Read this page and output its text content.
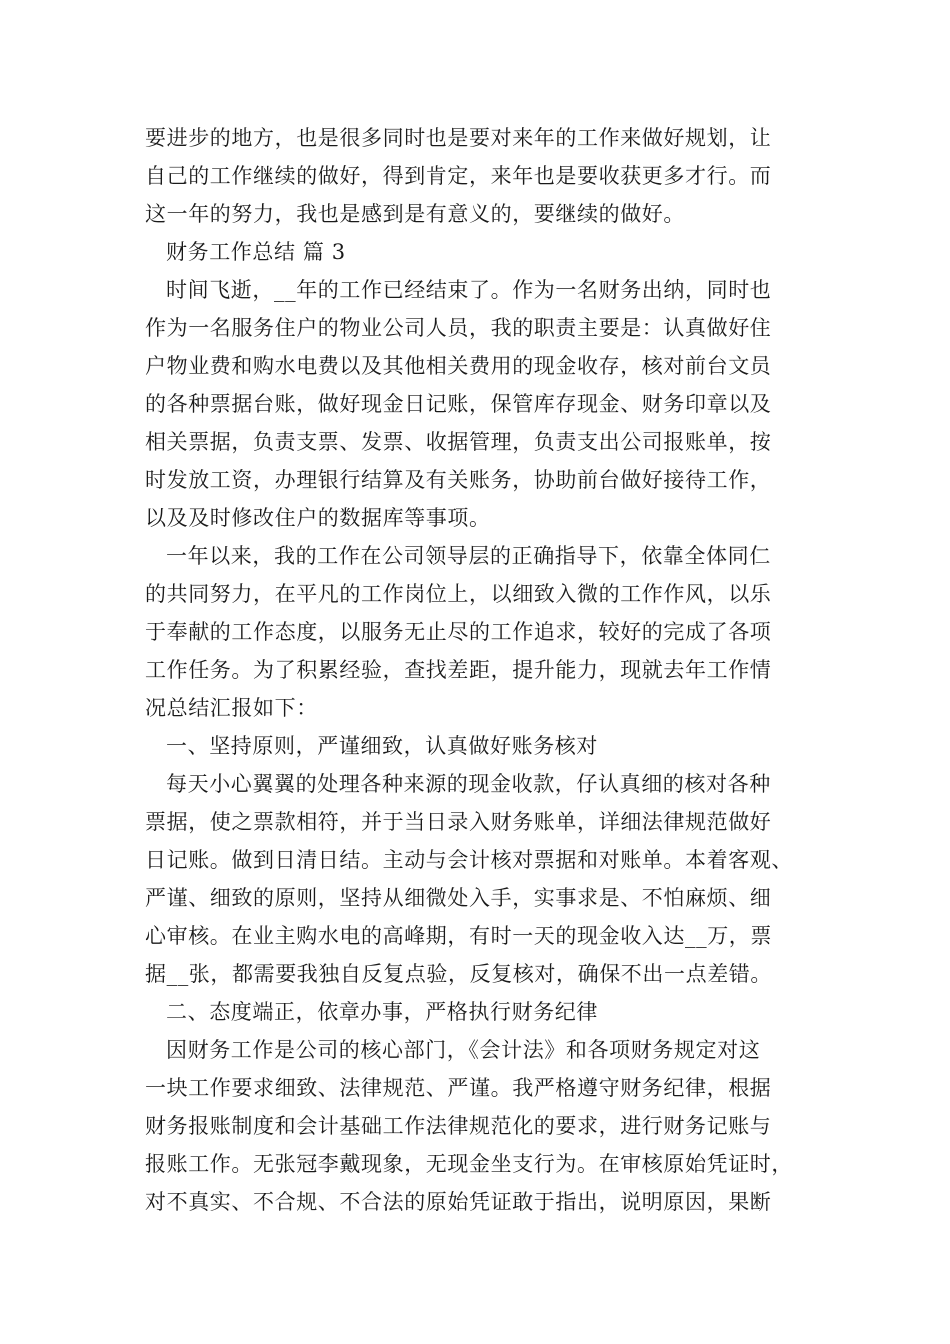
要进步的地方，也是很多同时也是要对来年的工作来做好规划，让
自己的工作继续的做好，得到肯定，来年也是要收获更多才行。而
这一年的努力，我也是感到是有意义的，要继续的做好。
财务工作总结 篇 3
时间飞逝，__年的工作已经结束了。作为一名财务出纳，同时也
作为一名服务住户的物业公司人员，我的职责主要是：认真做好住
户物业费和购水电费以及其他相关费用的现金收存，核对前台文员
的各种票据台账，做好现金日记账，保管库存现金、财务印章以及
相关票据，负责支票、发票、收据管理，负责支出公司报账单，按
时发放工资，办理银行结算及有关账务，协助前台做好接待工作，
以及及时修改住户的数据库等事项。
一年以来，我的工作在公司领导层的正确指导下，依靠全体同仁
的共同努力，在平凡的工作岗位上，以细致入微的工作作风，以乐
于奉献的工作态度，以服务无止尽的工作追求，较好的完成了各项
工作任务。为了积累经验，查找差距，提升能力，现就去年工作情
况总结汇报如下：
一、坚持原则，严谨细致，认真做好账务核对
每天小心翼翼的处理各种来源的现金收款，仔认真细的核对各种
票据，使之票款相符，并于当日录入财务账单，详细法律规范做好
日记账。做到日清日结。主动与会计核对票据和对账单。本着客观、
严谨、细致的原则，坚持从细微处入手，实事求是、不怕麻烦、细
心审核。在业主购水电的高峰期，有时一天的现金收入达__万，票
据__张，都需要我独自反复点验，反复核对，确保不出一点差错。
二、态度端正，依章办事，严格执行财务纪律
因财务工作是公司的核心部门，《会计法》和各项财务规定对这
一块工作要求细致、法律规范、严谨。我严格遵守财务纪律，根据
财务报账制度和会计基础工作法律规范化的要求，进行财务记账与
报账工作。无张冠李戴现象，无现金坐支行为。在审核原始凭证时，
对不真实、不合规、不合法的原始凭证敢于指出，说明原因，果断
